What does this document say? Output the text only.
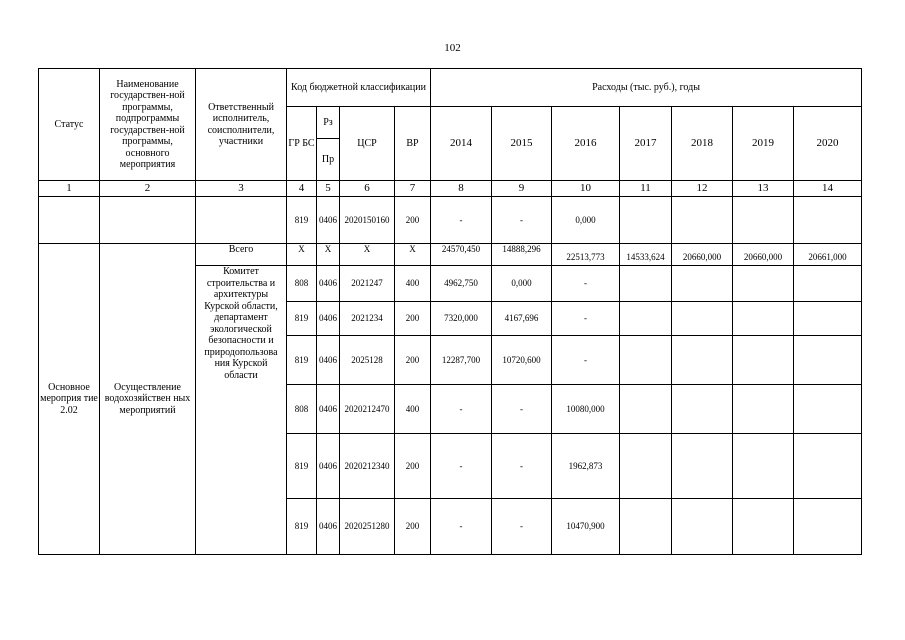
102
Статус	Наименование государствен-ной программы, подпрограммы государствен-ной программы, основного мероприятия	Ответственный исполнитель, соисполнители, участники	Код бюджетной классификации				Расходы (тыс. руб.), годы						
			ГР БС	Рз	ЦСР	ВР	2014	2015	2016	2017	2018	2019	2020
				Пр									
1	2	3	4	5	6	7	8	9	10	11	12	13	14
			819	0406	2020150160	200	-	-	0,000				
Основное мероприя тие 2.02	Осуществление водохозяйствен ных мероприятий	Всего	X	X	X	X	24570,450	14888,296	22513,773	14533,624	20660,000	20660,000	20661,000
		Комитет строительства и архитектуры Курской области, департамент экологической безопасности и природопользова ния Курской области	808	0406	2021247	400	4962,750	0,000	-				
			819	0406	2021234	200	7320,000	4167,696	-				
			819	0406	2025128	200	12287,700	10720,600	-				
			808	0406	2020212470	400	-	-	10080,000				
			819	0406	2020212340	200	-	-	1962,873				
			819	0406	2020251280	200	-	-	10470,900				
